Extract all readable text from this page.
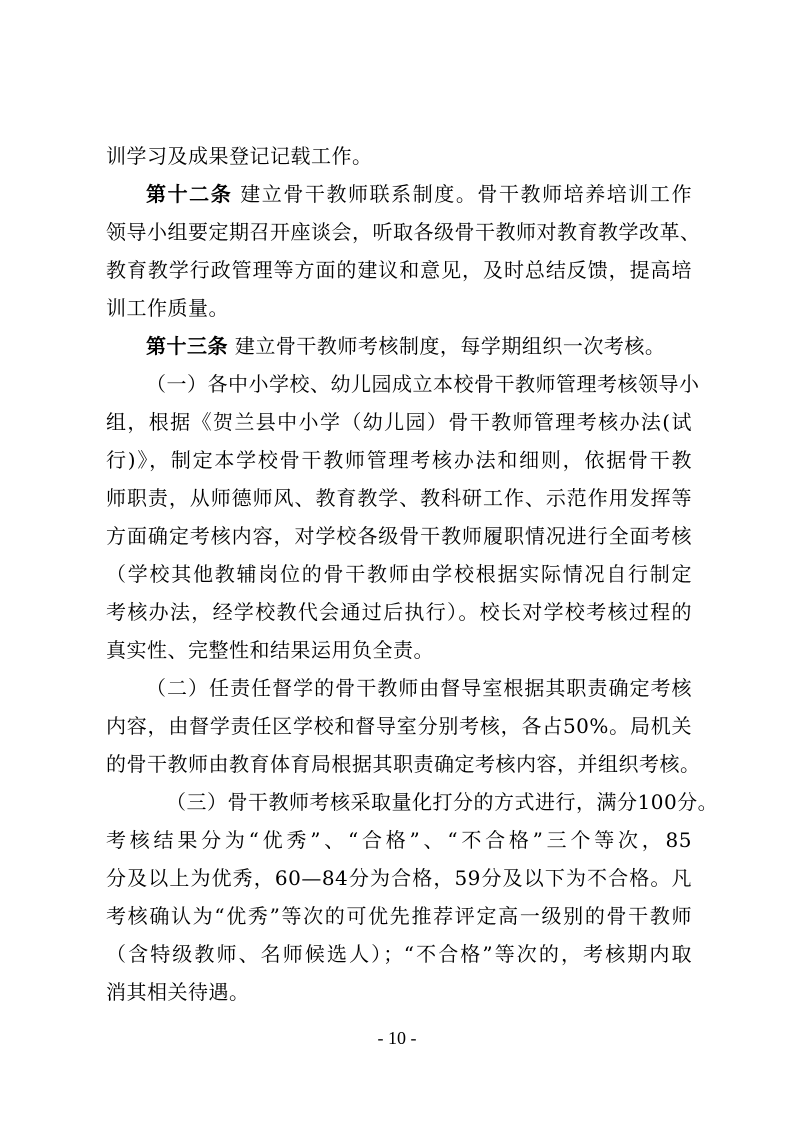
训学习及成果登记记载工作。
第十二条 建立骨干教师联系制度。骨干教师培养培训工作
领导小组要定期召开座谈会，听取各级骨干教师对教育教学改革、
教育教学行政管理等方面的建议和意见，及时总结反馈，提高培
训工作质量。
第十三条 建立骨干教师考核制度，每学期组织一次考核。
（一）各中小学校、幼儿园成立本校骨干教师管理考核领导小
组，根据《贺兰县中小学（幼儿园）骨干教师管理考核办法(试
行)》，制定本学校骨干教师管理考核办法和细则，依据骨干教
师职责，从师德师风、教育教学、教科研工作、示范作用发挥等
方面确定考核内容，对学校各级骨干教师履职情况进行全面考核
（学校其他教辅岗位的骨干教师由学校根据实际情况自行制定
考核办法，经学校教代会通过后执行）。校长对学校考核过程的
真实性、完整性和结果运用负全责。
（二）任责任督学的骨干教师由督导室根据其职责确定考核
内容，由督学责任区学校和督导室分别考核，各占50%。局机关
的骨干教师由教育体育局根据其职责确定考核内容，并组织考核。
（三）骨干教师考核采取量化打分的方式进行，满分100分。
考核结果分为“优秀”、“合格”、“不合格”三个等次，85
分及以上为优秀，60—84分为合格，59分及以下为不合格。凡
考核确认为“优秀”等次的可优先推荐评定高一级别的骨干教师
（含特级教师、名师候选人）；“不合格”等次的，考核期内取
消其相关待遇。
- 10 -
